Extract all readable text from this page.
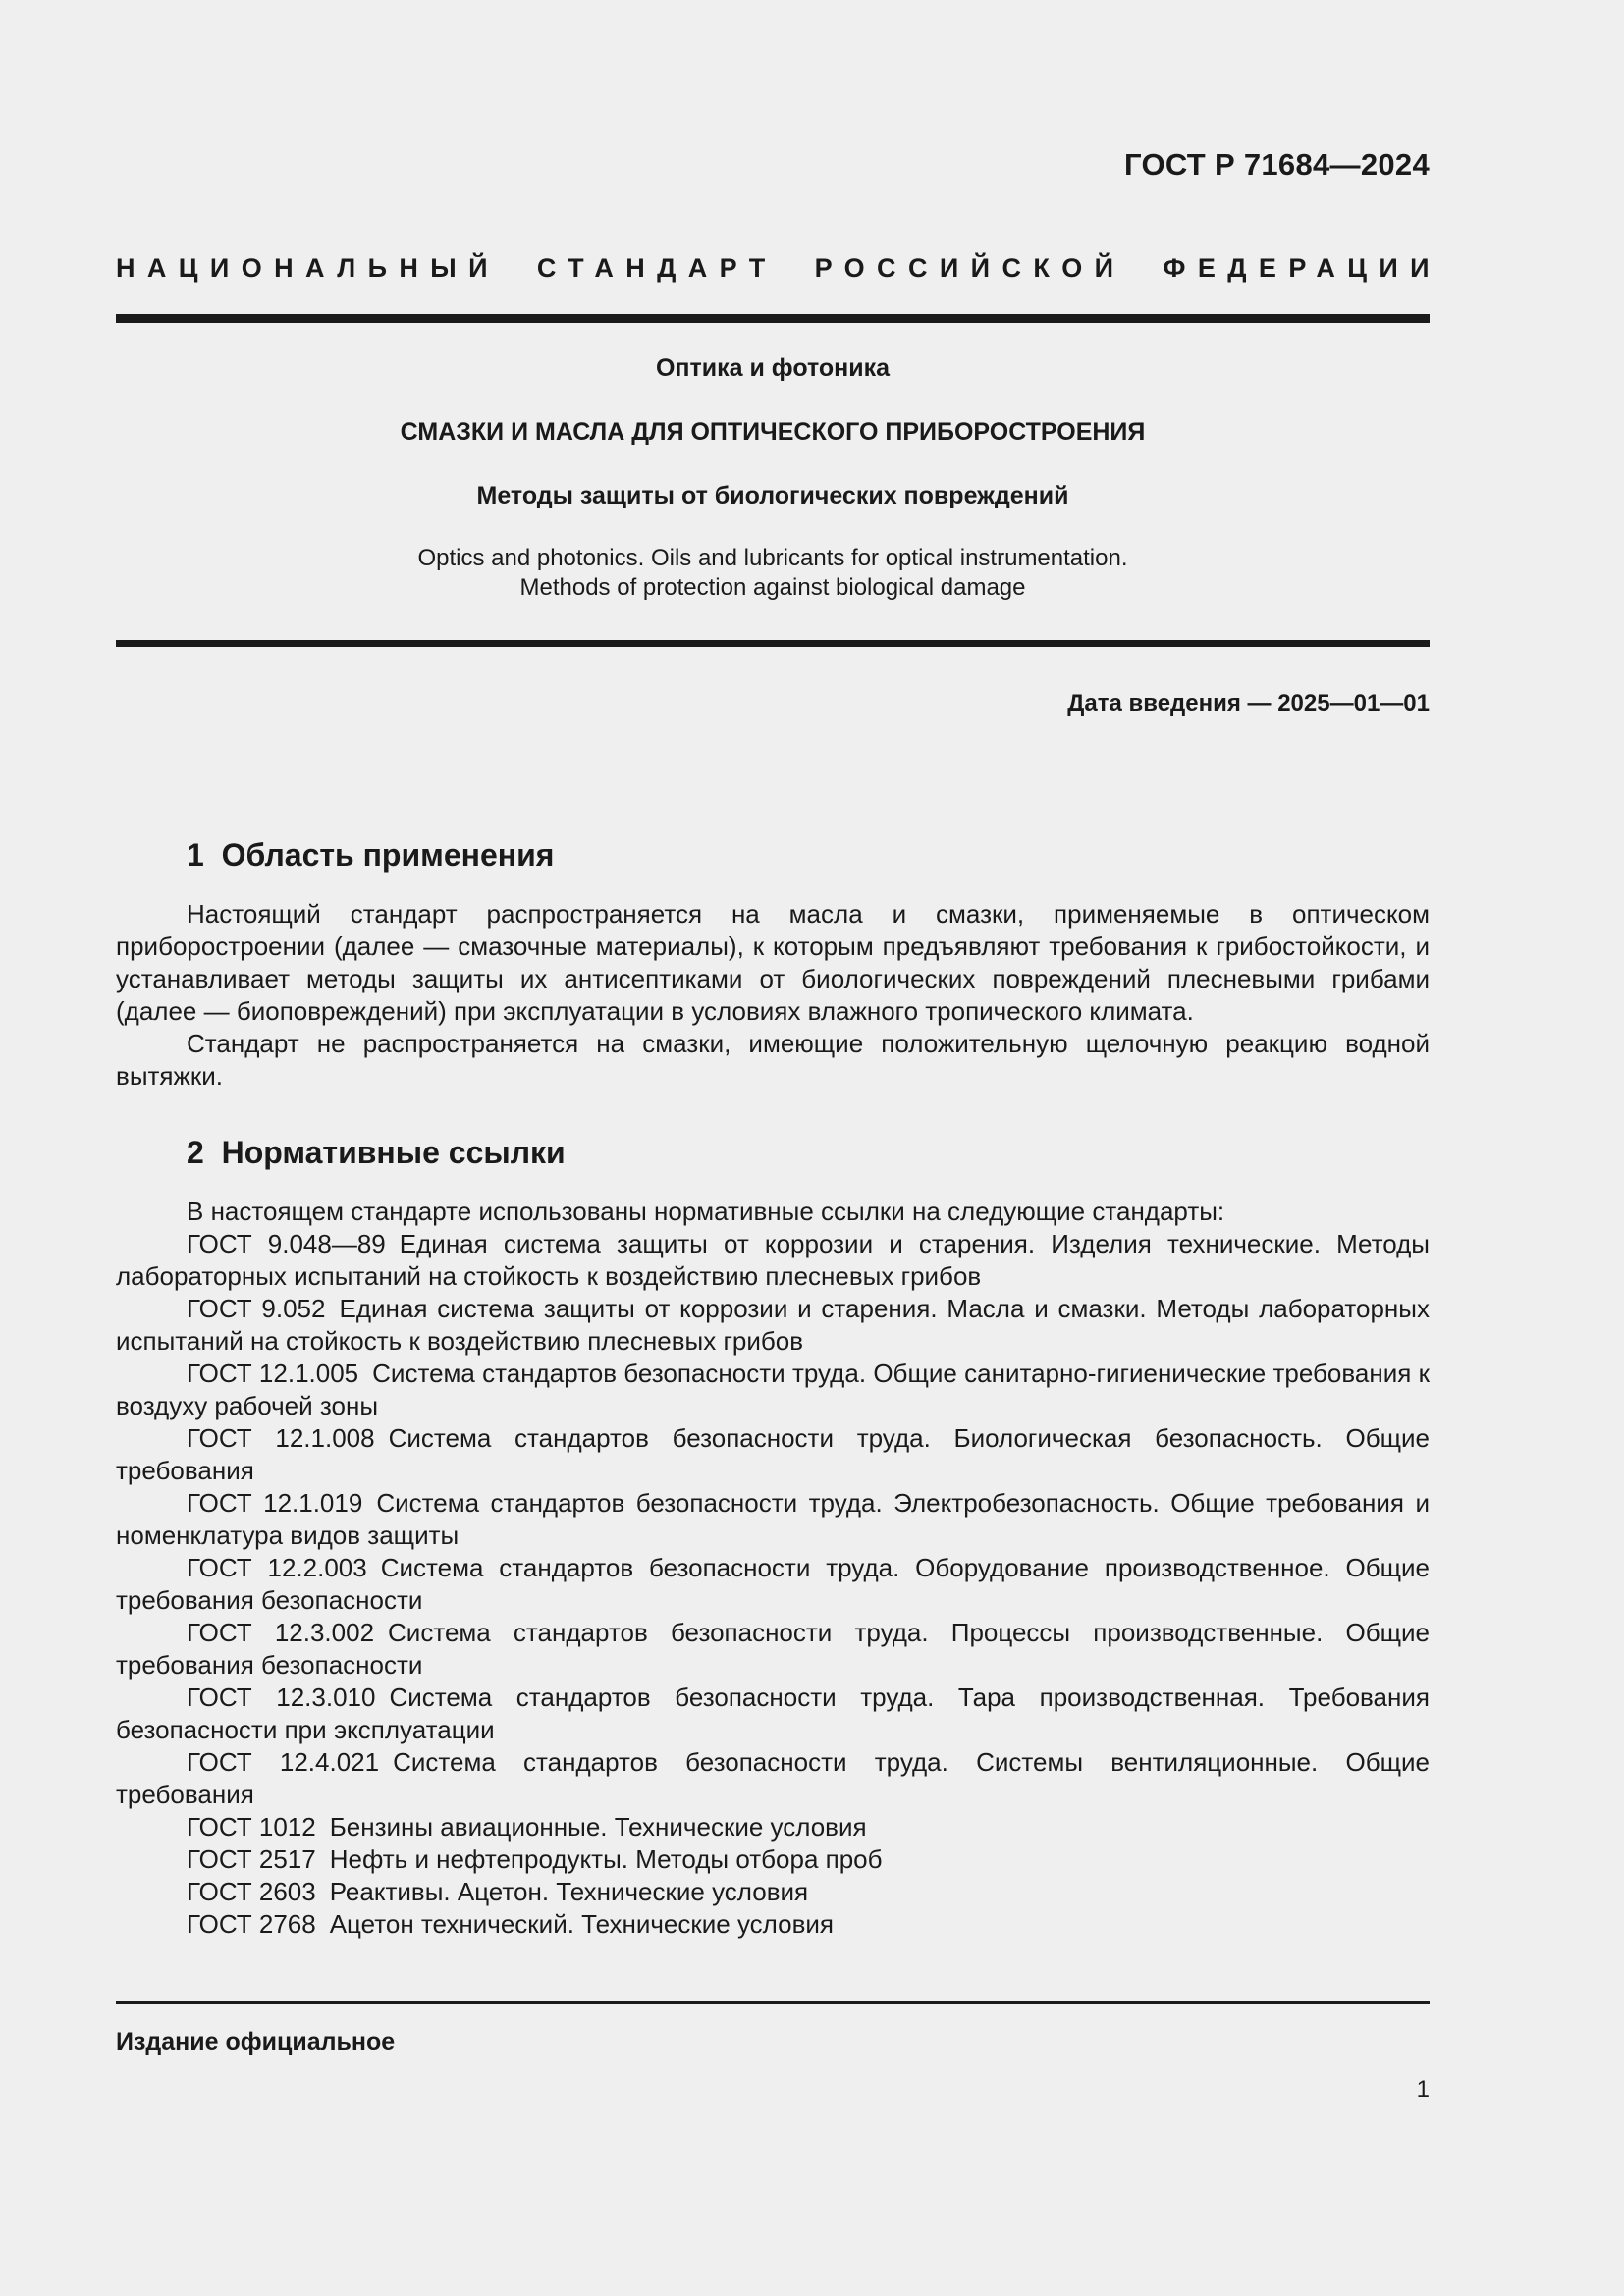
ГОСТ Р 71684—2024
НАЦИОНАЛЬНЫЙ СТАНДАРТ РОССИЙСКОЙ ФЕДЕРАЦИИ
Оптика и фотоника
СМАЗКИ И МАСЛА ДЛЯ ОПТИЧЕСКОГО ПРИБОРОСТРОЕНИЯ
Методы защиты от биологических повреждений
Optics and photonics. Oils and lubricants for optical instrumentation.
Methods of protection against biological damage
Дата введения — 2025—01—01
1  Область применения

Настоящий стандарт распространяется на масла и смазки, применяемые в оптическом приборостроении (далее — смазочные материалы), к которым предъявляют требования к грибостойкости, и устанавливает методы защиты их антисептиками от биологических повреждений плесневыми грибами (далее — биоповреждений) при эксплуатации в условиях влажного тропического климата.

Стандарт не распространяется на смазки, имеющие положительную щелочную реакцию водной вытяжки.

2  Нормативные ссылки

В настоящем стандарте использованы нормативные ссылки на следующие стандарты:

ГОСТ 9.048—89 Единая система защиты от коррозии и старения. Изделия технические. Методы лабораторных испытаний на стойкость к воздействию плесневых грибов

ГОСТ 9.052 Единая система защиты от коррозии и старения. Масла и смазки. Методы лабораторных испытаний на стойкость к воздействию плесневых грибов

ГОСТ 12.1.005 Система стандартов безопасности труда. Общие санитарно-гигиенические требования к воздуху рабочей зоны

ГОСТ 12.1.008 Система стандартов безопасности труда. Биологическая безопасность. Общие требования

ГОСТ 12.1.019 Система стандартов безопасности труда. Электробезопасность. Общие требования и номенклатура видов защиты

ГОСТ 12.2.003 Система стандартов безопасности труда. Оборудование производственное. Общие требования безопасности

ГОСТ 12.3.002 Система стандартов безопасности труда. Процессы производственные. Общие требования безопасности

ГОСТ 12.3.010 Система стандартов безопасности труда. Тара производственная. Требования безопасности при эксплуатации

ГОСТ 12.4.021 Система стандартов безопасности труда. Системы вентиляционные. Общие требования

ГОСТ 1012 Бензины авиационные. Технические условия

ГОСТ 2517 Нефть и нефтепродукты. Методы отбора проб

ГОСТ 2603 Реактивы. Ацетон. Технические условия

ГОСТ 2768 Ацетон технический. Технические условия

Издание официальное
1
